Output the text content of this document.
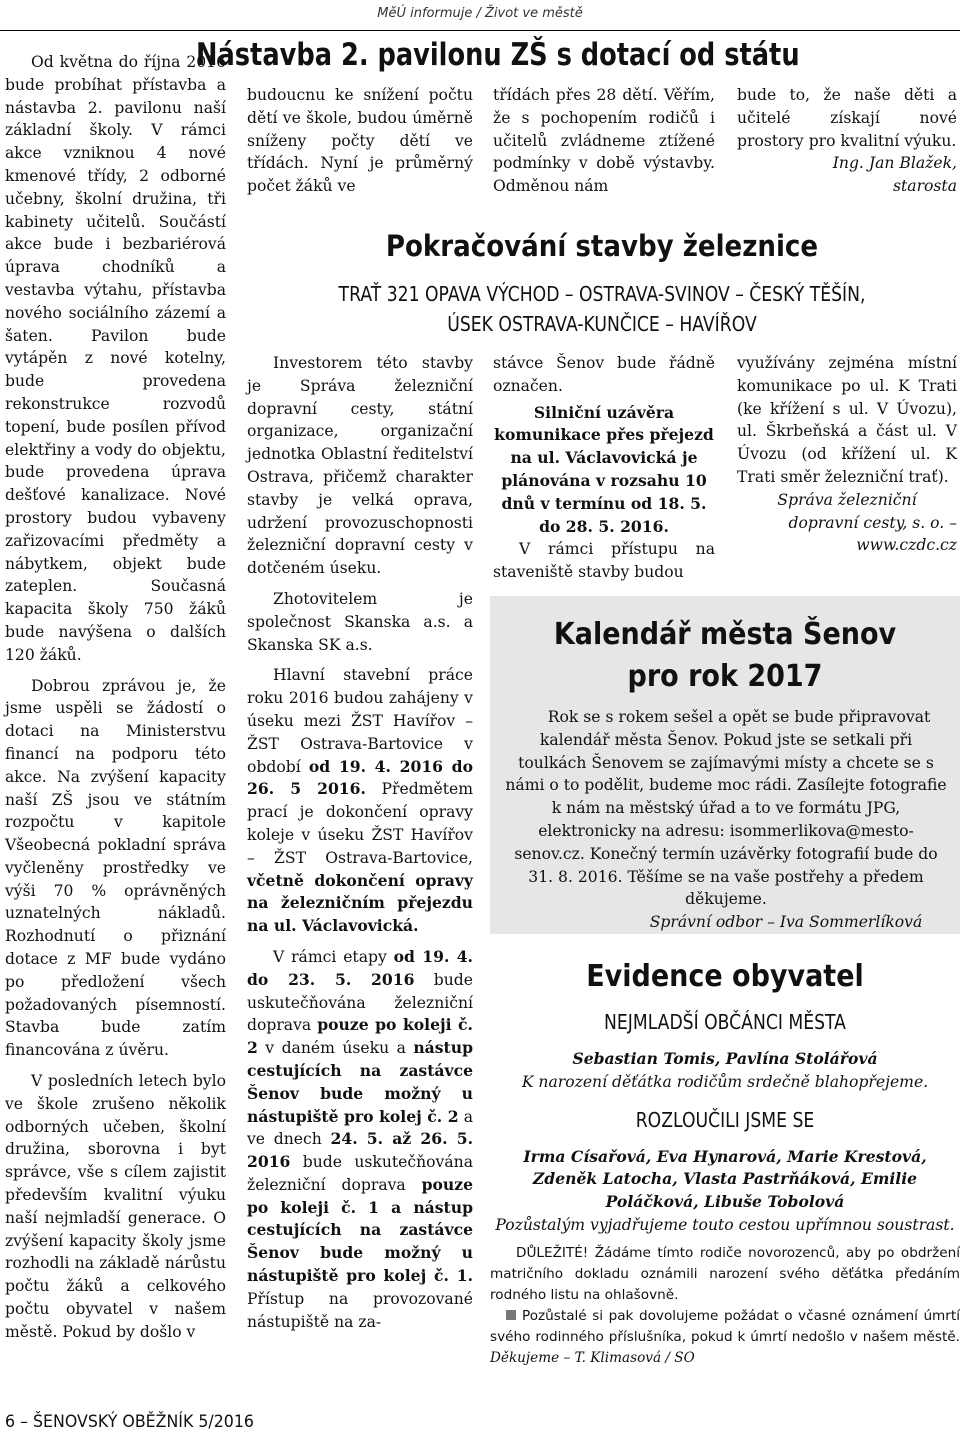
MěÚ informuje / Život ve městě
Nástavba 2. pavilonu ZŠ s dotací od státu

Od května do října 2016 bude probíhat přístavba a nástavba 2. pavilonu naší základní školy. V rámci akce vzniknou 4 nové kmenové třídy, 2 odborné učebny, školní družina, tři kabinety učitelů. Součástí akce bude i bezbariérová úprava chodníků a vestavba výtahu, přístavba nového sociálního zázemí a šaten. Pavilon bude vytápěn z nové kotelny, bude provedena rekonstrukce rozvodů topení, bude posílen přívod elektřiny a vody do objektu, bude provedena úprava dešťové kanalizace. Nové prostory budou vybaveny zařizovacími předměty a nábytkem, objekt bude zateplen. Současná kapacita školy 750 žáků bude navýšena o dalších 120 žáků.

Dobrou zprávou je, že jsme uspěli se žádostí o dotaci na Ministerstvu financí na podporu této akce. Na zvýšení kapacity naší ZŠ jsou ve státním rozpočtu v kapitole Všeobecná pokladní správa vyčleněny prostředky ve výši 70 % oprávněných uznatelných nákladů. Rozhodnutí o přiznání dotace z MF bude vydáno po předložení všech požadovaných písemností. Stavba bude zatím financována z úvěru.

V posledních letech bylo ve škole zrušeno několik odborných učeben, školní družina, sborovna i byt správce, vše s cílem zajistit především kvalitní výuku naší nejmladší generace. O zvýšení kapacity školy jsme rozhodli na základě nárůstu počtu žáků a celkového počtu obyvatel v našem městě. Pokud by došlo v

budoucnu ke snížení počtu dětí ve škole, budou úměrně sníženy počty dětí ve třídách. Nyní je průměrný počet žáků ve

třídách přes 28 dětí. Věřím, že s pochopením rodičů i učitelů zvládneme ztížené podmínky v době výstavby. Odměnou nám

bude to, že naše děti a učitelé získají nové prostory pro kvalitní výuku.

Ing. Jan Blažek,

starosta

Pokračování stavby železnice
TRAŤ 321 OPAVA VÝCHOD – OSTRAVA-SVINOV – ČESKÝ TĚŠÍN,
ÚSEK OSTRAVA-KUNČICE – HAVÍŘOV

Investorem této stavby je Správa železniční dopravní cesty, státní organizace, organizační jednotka Oblastní ředitelství Ostrava, přičemž charakter stavby je velká oprava, udržení provozuschopnosti železniční dopravní cesty v dotčeném úseku.

Zhotovitelem je společnost Skanska a.s. a Skanska SK a.s.

Hlavní stavební práce roku 2016 budou zahájeny v úseku mezi ŽST Havířov – ŽST Ostrava-Bartovice v období od 19. 4. 2016 do 26. 5 2016. Předmětem prací je dokončení opravy koleje v úseku ŽST Havířov – ŽST Ostrava-Bartovice, včetně dokončení opravy na železničním přejezdu na ul. Václavovická.

V rámci etapy od 19. 4. do 23. 5. 2016 bude uskutečňována železniční doprava pouze po koleji č. 2 v daném úseku a nástup cestujících na zastávce Šenov bude možný u nástupiště pro kolej č. 2 a ve dnech 24. 5. až 26. 5. 2016 bude uskutečňována železniční doprava pouze po koleji č. 1 a nástup cestujících na zastávce Šenov bude možný u nástupiště pro kolej č. 1. Přístup na provozované nástupiště na za-

stávce Šenov bude řádně označen.

Silniční uzávěra komunikace přes přejezd na ul. Václavovická je plánována v rozsahu 10 dnů v termínu od 18. 5. do 28. 5. 2016.

V rámci přístupu na staveniště stavby budou

využívány zejména místní komunikace po ul. K Trati (ke křížení s ul. V Úvozu), ul. Škrbeňská a část ul. V Úvozu (od křížení ul. K Trati směr železniční trať).

Správa železniční

dopravní cesty, s. o. –

www.czdc.cz

Kalendář města Šenov
pro rok 2017

Rok se s rokem sešel a opět se bude připravovat kalendář města Šenov. Pokud jste se setkali při toulkách Šenovem se zajímavými místy a chcete se s námi o to podělit, budeme moc rádi. Zasílejte fotografie k nám na městský úřad a to ve formátu JPG, elektronicky na adresu: isommerlikova@mesto-senov.cz. Konečný termín uzávěrky fotografií bude do 31. 8. 2016. Těšíme se na vaše postřehy a předem děkujeme.

Správní odbor – Iva Sommerlíková

Evidence obyvatel
NEJMLADŠÍ OBČÁNCI MĚSTA

Sebastian Tomis, Pavlína Stolářová

K narození děťátka rodičům srdečně blahopřejeme.

ROZLOUČILI JSME SE

Irma Císařová, Eva Hynarová, Marie Krestová, Zdeněk Latocha, Vlasta Pastrňáková, Emilie Poláčková, Libuše Tobolová

Pozůstalým vyjadřujeme touto cestou upřímnou soustrast.

DŮLEŽITÉ! Žádáme tímto rodiče novorozenců, aby po obdržení matričního dokladu oznámili narození svého děťátka předáním rodného listu na ohlašovně.

Pozůstalé si pak dovolujeme požádat o včasné oznámení úmrtí svého rodinného příslušníka, pokud k úmrtí nedošlo v našem městě. Děkujeme – T. Klimasová / SO

6 – ŠENOVSKÝ OBĚŽNÍK 5/2016
